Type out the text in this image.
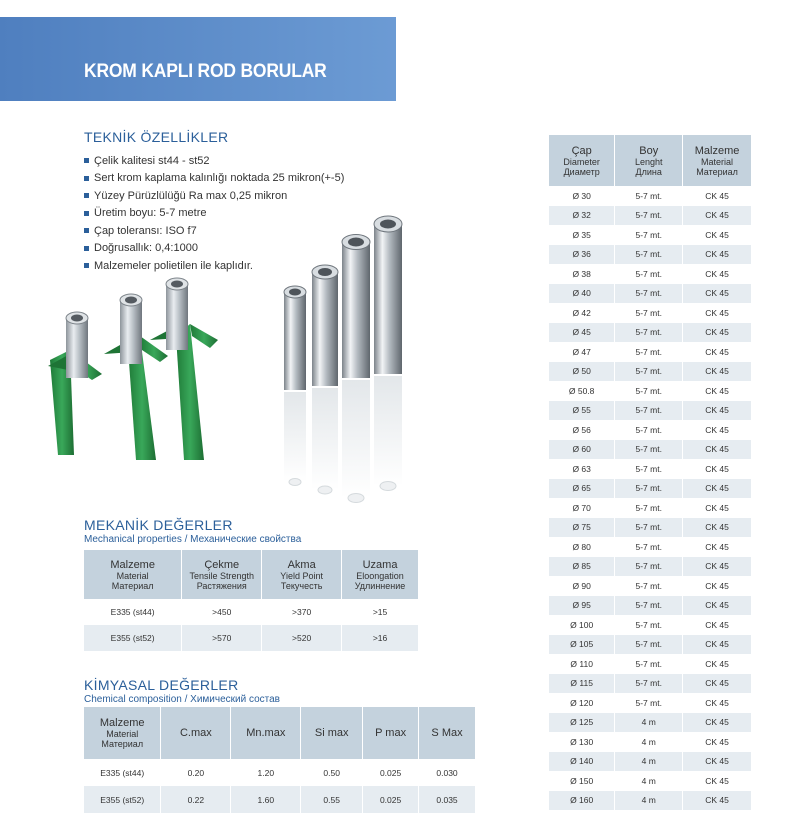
KROM KAPLI ROD BORULAR
TEKNİK ÖZELLİKLER
Çelik kalitesi st44 - st52
Sert krom kaplama kalınlığı noktada 25 mikron(+-5)
Yüzey Pürüzlülüğü Ra max 0,25 mikron
Üretim boyu: 5-7 metre
Çap toleransı: ISO f7
Doğrusallık: 0,4:1000
Malzemeler polietilen ile kaplıdır.
MEKANİK DEĞERLER
Mechanical properties / Механические свойства
Malzeme
Material
Материал	Çekme
Tensile Strength
Растяжения	Akma
Yield Point
Текучесть	Uzama
Eloongation
Удлиннение

E335 (st44)	>450	>370	>15
E355 (st52)	>570	>520	>16
KİMYASAL DEĞERLER
Chemical composition / Химический состав
Malzeme
Material
Материал	C.max	Mn.max	Si max	P max	S Max
E335 (st44)	0.20	1.20	0.50	0.025	0.030
E355 (st52)	0.22	1.60	0.55	0.025	0.035
Çap
Diameter
Диаметр	Boy
Lenght
Длина	Malzeme
Material
Материал

Ø 30	5-7 mt.	CK 45
Ø 32	5-7 mt.	CK 45
Ø 35	5-7 mt.	CK 45
Ø 36	5-7 mt.	CK 45
Ø 38	5-7 mt.	CK 45
Ø 40	5-7 mt.	CK 45
Ø 42	5-7 mt.	CK 45
Ø 45	5-7 mt.	CK 45
Ø 47	5-7 mt.	CK 45
Ø 50	5-7 mt.	CK 45
Ø 50.8	5-7 mt.	CK 45
Ø 55	5-7 mt.	CK 45
Ø 56	5-7 mt.	CK 45
Ø 60	5-7 mt.	CK 45
Ø 63	5-7 mt.	CK 45
Ø 65	5-7 mt.	CK 45
Ø 70	5-7 mt.	CK 45
Ø 75	5-7 mt.	CK 45
Ø 80	5-7 mt.	CK 45
Ø 85	5-7 mt.	CK 45
Ø 90	5-7 mt.	CK 45
Ø 95	5-7 mt.	CK 45
Ø 100	5-7 mt.	CK 45
Ø 105	5-7 mt.	CK 45
Ø 110	5-7 mt.	CK 45
Ø 115	5-7 mt.	CK 45
Ø 120	5-7 mt.	CK 45
Ø 125	4 m	CK 45
Ø 130	4 m	CK 45
Ø 140	4 m	CK 45
Ø 150	4 m	CK 45
Ø 160	4 m	CK 45
